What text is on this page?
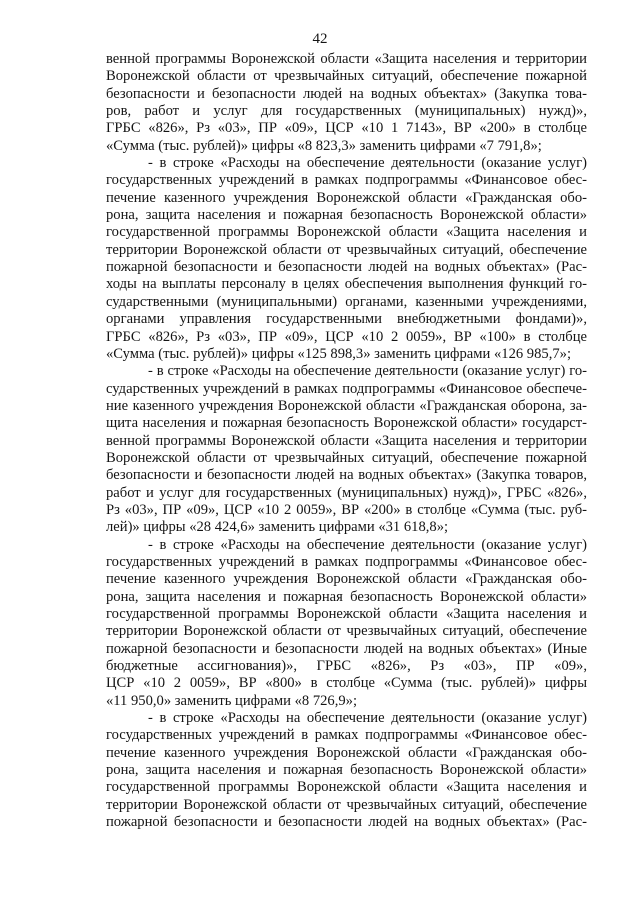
42
венной программы Воронежской области «Защита населения и территории
Воронежской области от чрезвычайных ситуаций, обеспечение пожарной
безопасности и безопасности людей на водных объектах» (Закупка това-
ров, работ и услуг для государственных (муниципальных) нужд)»,
ГРБС «826», Рз «03», ПР «09», ЦСР «10 1 7143», ВР «200» в столбце
«Сумма (тыс. рублей)» цифры «8 823,3» заменить цифрами «7 791,8»;
- в строке «Расходы на обеспечение деятельности (оказание услуг)
государственных учреждений в рамках подпрограммы «Финансовое обес-
печение казенного учреждения Воронежской области «Гражданская обо-
рона, защита населения и пожарная безопасность Воронежской области»
государственной программы Воронежской области «Защита населения и
территории Воронежской области от чрезвычайных ситуаций, обеспечение
пожарной безопасности и безопасности людей на водных объектах» (Рас-
ходы на выплаты персоналу в целях обеспечения выполнения функций го-
сударственными (муниципальными) органами, казенными учреждениями,
органами управления государственными внебюджетными фондами)»,
ГРБС «826», Рз «03», ПР «09», ЦСР «10 2 0059», ВР «100» в столбце
«Сумма (тыс. рублей)» цифры «125 898,3» заменить цифрами «126 985,7»;
- в строке «Расходы на обеспечение деятельности (оказание услуг) го-
сударственных учреждений в рамках подпрограммы «Финансовое обеспече-
ние казенного учреждения Воронежской области «Гражданская оборона, за-
щита населения и пожарная безопасность Воронежской области» государст-
венной программы Воронежской области «Защита населения и территории
Воронежской области от чрезвычайных ситуаций, обеспечение пожарной
безопасности и безопасности людей на водных объектах» (Закупка товаров,
работ и услуг для государственных (муниципальных) нужд)», ГРБС «826»,
Рз «03», ПР «09», ЦСР «10 2 0059», ВР «200» в столбце «Сумма (тыс. руб-
лей)» цифры «28 424,6» заменить цифрами «31 618,8»;
- в строке «Расходы на обеспечение деятельности (оказание услуг)
государственных учреждений в рамках подпрограммы «Финансовое обес-
печение казенного учреждения Воронежской области «Гражданская обо-
рона, защита населения и пожарная безопасность Воронежской области»
государственной программы Воронежской области «Защита населения и
территории Воронежской области от чрезвычайных ситуаций, обеспечение
пожарной безопасности и безопасности людей на водных объектах» (Иные
бюджетные ассигнования)», ГРБС «826», Рз «03», ПР «09»,
ЦСР «10 2 0059», ВР «800» в столбце «Сумма (тыс. рублей)» цифры
«11 950,0» заменить цифрами «8 726,9»;
- в строке «Расходы на обеспечение деятельности (оказание услуг)
государственных учреждений в рамках подпрограммы «Финансовое обес-
печение казенного учреждения Воронежской области «Гражданская обо-
рона, защита населения и пожарная безопасность Воронежской области»
государственной программы Воронежской области «Защита населения и
территории Воронежской области от чрезвычайных ситуаций, обеспечение
пожарной безопасности и безопасности людей на водных объектах» (Рас-
